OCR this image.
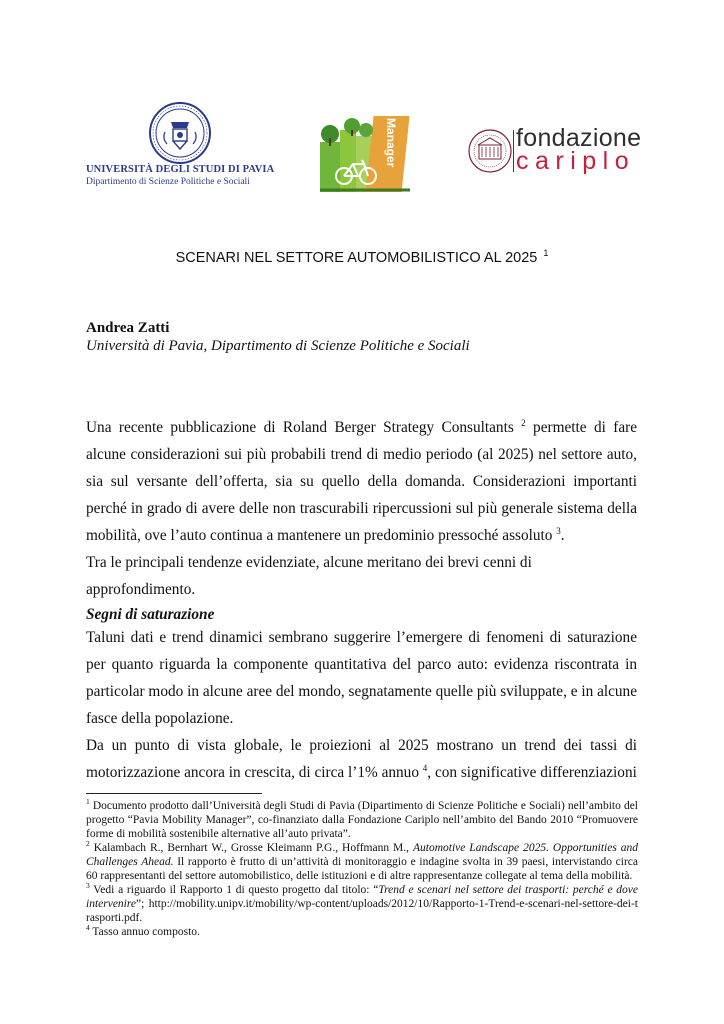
UNIVERSITÀ DEGLI STUDI DI PAVIA
Dipartimento di Scienze Politiche e Sociali
Manager	fondazione
cariplo
SCENARI NEL SETTORE AUTOMOBILISTICO AL 2025 $^1$
Andrea Zatti
Università di Pavia, Dipartimento di Scienze Politiche e Sociali

Una recente pubblicazione di Roland Berger Strategy Consultants $^2$ permette di fare alcune considerazioni sui più probabili trend di medio periodo (al 2025) nel settore auto, sia sul versante dell’offerta, sia su quello della domanda. Considerazioni importanti perché in grado di avere delle non trascurabili ripercussioni sul più generale sistema della mobilità, ove l’auto continua a mantenere un predominio pressoché assoluto $^3$.

Tra le principali tendenze evidenziate, alcune meritano dei brevi cenni di approfondimento.

Segni di saturazione

Taluni dati e trend dinamici sembrano suggerire l’emergere di fenomeni di saturazione per quanto riguarda la componente quantitativa del parco auto: evidenza riscontrata in particolar modo in alcune aree del mondo, segnatamente quelle più sviluppate, e in alcune fasce della popolazione.

Da un punto di vista globale, le proiezioni al 2025 mostrano un trend dei tassi di motorizzazione ancora in crescita, di circa l’1% annuo $^4$, con significative differenziazioni

$^1$ Documento prodotto dall’Università degli Studi di Pavia (Dipartimento di Scienze Politiche e Sociali) nell’ambito del progetto “Pavia Mobility Manager”, co-finanziato dalla Fondazione Cariplo nell’ambito del Bando 2010 “Promuovere forme di mobilità sostenibile alternative all’auto privata”.

$^2$ Kalambach R., Bernhart W., Grosse Kleimann P.G., Hoffmann M., Automotive Landscape 2025. Opportunities and Challenges Ahead. Il rapporto è frutto di un’attività di monitoraggio e indagine svolta in 39 paesi, intervistando circa 60 rappresentanti del settore automobilistico, delle istituzioni e di altre rappresentanze collegate al tema della mobilità.

$^3$ Vedi a riguardo il Rapporto 1 di questo progetto dal titolo: “Trend e scenari nel settore dei trasporti: perché e dove intervenire”; http://mobility.unipv.it/mobility/wp-content/uploads/2012/10/Rapporto-1-Trend-e-scenari-nel-settore-dei-trasporti.pdf.

$^4$ Tasso annuo composto.
